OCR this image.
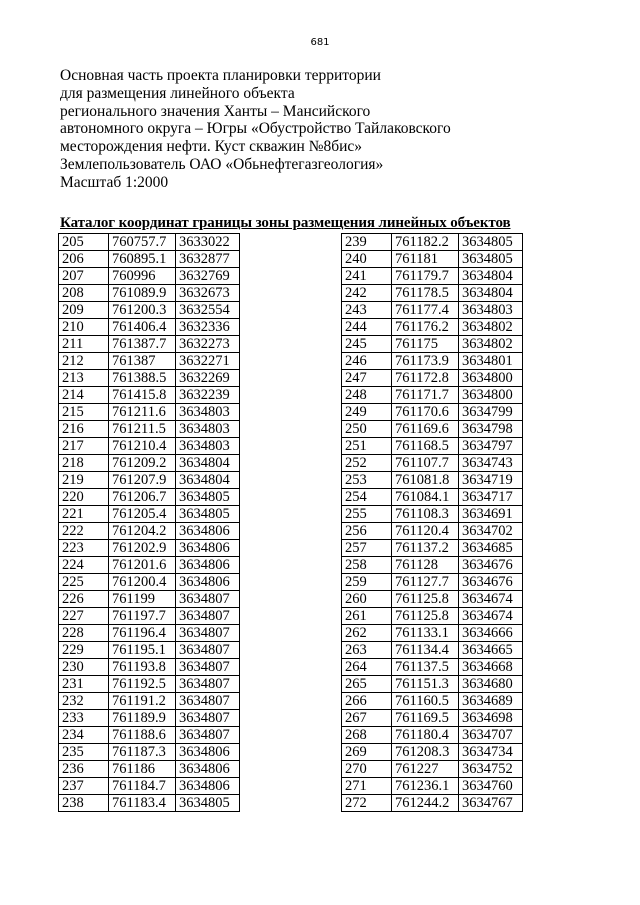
681
Основная часть проекта планировки территории
для размещения линейного объекта
регионального значения Ханты – Мансийского
автономного округа – Югры «Обустройство Тайлаковского
месторождения нефти. Куст скважин №8бис»
Землепользователь ОАО «Обьнефтегазгеология»
Масштаб 1:2000
Каталог координат границы зоны размещения линейных объектов
205	760757.7	3633022
206	760895.1	3632877
207	760996	3632769
208	761089.9	3632673
209	761200.3	3632554
210	761406.4	3632336
211	761387.7	3632273
212	761387	3632271
213	761388.5	3632269
214	761415.8	3632239
215	761211.6	3634803
216	761211.5	3634803
217	761210.4	3634803
218	761209.2	3634804
219	761207.9	3634804
220	761206.7	3634805
221	761205.4	3634805
222	761204.2	3634806
223	761202.9	3634806
224	761201.6	3634806
225	761200.4	3634806
226	761199	3634807
227	761197.7	3634807
228	761196.4	3634807
229	761195.1	3634807
230	761193.8	3634807
231	761192.5	3634807
232	761191.2	3634807
233	761189.9	3634807
234	761188.6	3634807
235	761187.3	3634806
236	761186	3634806
237	761184.7	3634806
238	761183.4	3634805
239	761182.2	3634805
240	761181	3634805
241	761179.7	3634804
242	761178.5	3634804
243	761177.4	3634803
244	761176.2	3634802
245	761175	3634802
246	761173.9	3634801
247	761172.8	3634800
248	761171.7	3634800
249	761170.6	3634799
250	761169.6	3634798
251	761168.5	3634797
252	761107.7	3634743
253	761081.8	3634719
254	761084.1	3634717
255	761108.3	3634691
256	761120.4	3634702
257	761137.2	3634685
258	761128	3634676
259	761127.7	3634676
260	761125.8	3634674
261	761125.8	3634674
262	761133.1	3634666
263	761134.4	3634665
264	761137.5	3634668
265	761151.3	3634680
266	761160.5	3634689
267	761169.5	3634698
268	761180.4	3634707
269	761208.3	3634734
270	761227	3634752
271	761236.1	3634760
272	761244.2	3634767
